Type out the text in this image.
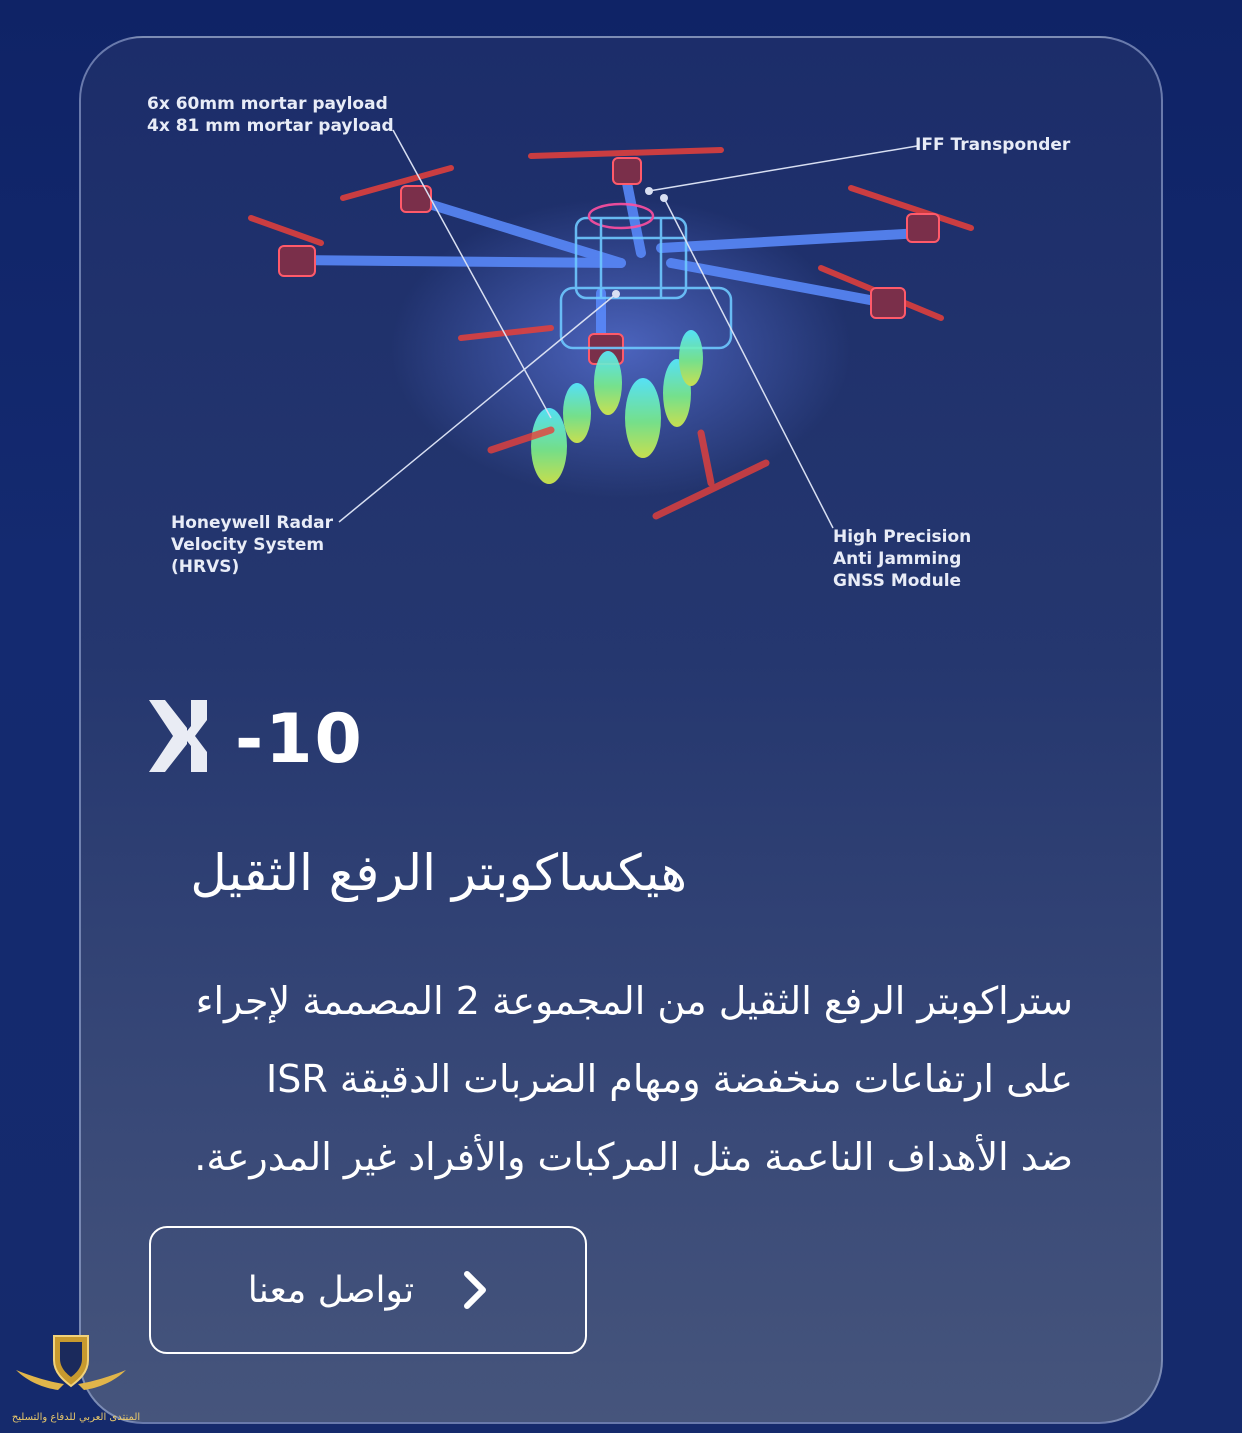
6x 60mm mortar payload
4x 81 mm mortar payload
IFF Transponder
Honeywell Radar
Velocity System
(HRVS)
High Precision
Anti Jamming
GNSS Module
-10
هيكساكوبتر الرفع الثقيل
ستراكوبتر الرفع الثقيل من المجموعة 2 المصممة لإجراء
على ارتفاعات منخفضة ومهام الضربات الدقيقة ISR
ضد الأهداف الناعمة مثل المركبات والأفراد غير المدرعة.
تواصل معنا
المنتدى العربي للدفاع والتسليح
